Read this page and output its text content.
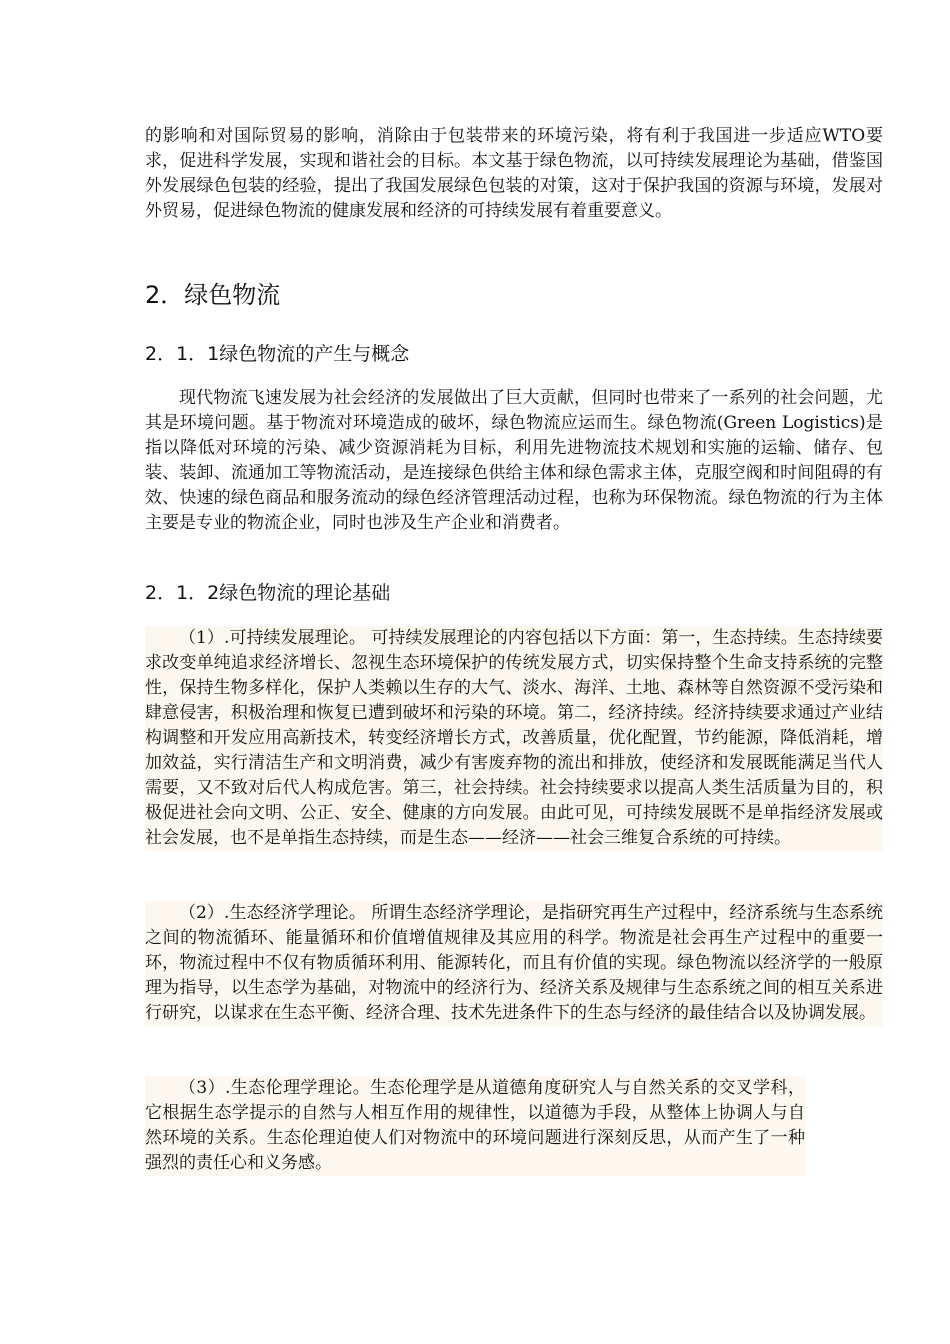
的影响和对国际贸易的影响，消除由于包装带来的环境污染，将有利于我国进一步适应WTO要求，促进科学发展，实现和谐社会的目标。本文基于绿色物流，以可持续发展理论为基础，借鉴国外发展绿色包装的经验，提出了我国发展绿色包装的对策，这对于保护我国的资源与环境，发展对外贸易，促进绿色物流的健康发展和经济的可持续发展有着重要意义。

2．绿色物流
2．1．1绿色物流的产生与概念

现代物流飞速发展为社会经济的发展做出了巨大贡献，但同时也带来了一系列的社会问题，尤其是环境问题。基于物流对环境造成的破坏，绿色物流应运而生。绿色物流(Green Logistics)是指以降低对环境的污染、减少资源消耗为目标，利用先进物流技术规划和实施的运输、储存、包装、装卸、流通加工等物流活动，是连接绿色供给主体和绿色需求主体，克服空阀和时间阻碍的有效、快速的绿色商品和服务流动的绿色经济管理活动过程，也称为环保物流。绿色物流的行为主体主要是专业的物流企业，同时也涉及生产企业和消费者。

2．1．2绿色物流的理论基础

（1）.可持续发展理论。 可持续发展理论的内容包括以下方面：第一，生态持续。生态持续要求改变单纯追求经济增长、忽视生态环境保护的传统发展方式，切实保持整个生命支持系统的完整性，保持生物多样化，保护人类赖以生存的大气、淡水、海洋、土地、森林等自然资源不受污染和肆意侵害，积极治理和恢复已遭到破坏和污染的环境。第二，经济持续。经济持续要求通过产业结构调整和开发应用高新技术，转变经济增长方式，改善质量，优化配置，节约能源，降低消耗，增加效益，实行清洁生产和文明消费，减少有害废弃物的流出和排放，使经济和发展既能满足当代人需要，又不致对后代人构成危害。第三，社会持续。社会持续要求以提高人类生活质量为目的，积极促进社会向文明、公正、安全、健康的方向发展。由此可见，可持续发展既不是单指经济发展或社会发展，也不是单指生态持续，而是生态——经济——社会三维复合系统的可持续。

（2）.生态经济学理论。 所谓生态经济学理论，是指研究再生产过程中，经济系统与生态系统之间的物流循环、能量循环和价值增值规律及其应用的科学。物流是社会再生产过程中的重要一环，物流过程中不仅有物质循环利用、能源转化，而且有价值的实现。绿色物流以经济学的一般原理为指导，以生态学为基础，对物流中的经济行为、经济关系及规律与生态系统之间的相互关系进行研究，以谋求在生态平衡、经济合理、技术先进条件下的生态与经济的最佳结合以及协调发展。

（3）.生态伦理学理论。生态伦理学是从道德角度研究人与自然关系的交叉学科，它根据生态学提示的自然与人相互作用的规律性，以道德为手段，从整体上协调人与自然环境的关系。生态伦理迫使人们对物流中的环境问题进行深刻反思，从而产生了一种强烈的责任心和义务感。
